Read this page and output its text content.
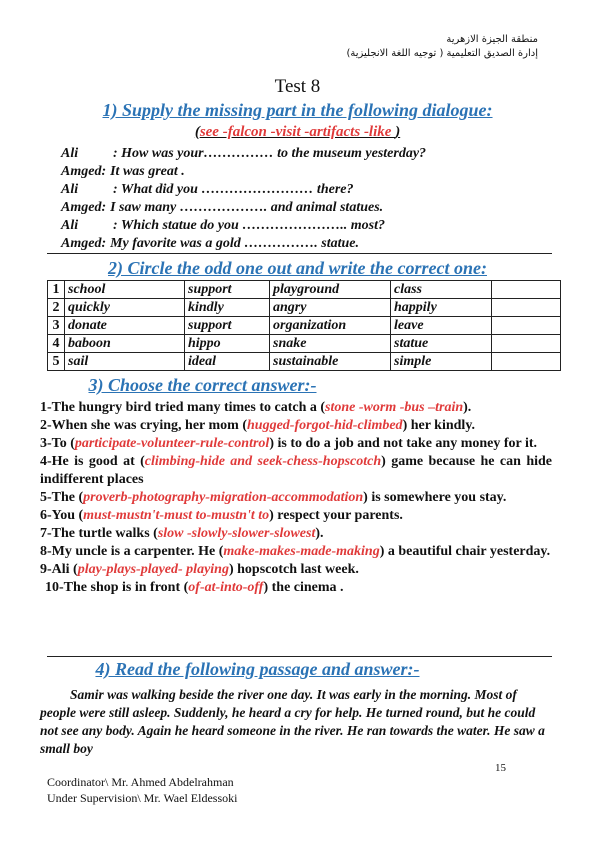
منطقة الجيزة الازهرية
إدارة الصديق التعليمية ( توجيه اللغة الانجليزية)
Test 8
1) Supply the missing part in the following dialogue:
(see -falcon -visit -artifacts -like )
Ali : How was your…………… to the museum yesterday?
Amged: It was great .
Ali : What did you …………………… there?
Amged: I saw many ………………. and animal statues.
Ali : Which statue do you ………………….. most?
Amged: My favorite was a gold ……………. statue.
2) Circle the odd one out and write the correct one:
1	school	support	playground	class	
2	quickly	kindly	angry	happily	
3	donate	support	organization	leave	
4	baboon	hippo	snake	statue	
5	sail	ideal	sustainable	simple	
3) Choose the correct answer:-
1-The hungry bird tried many times to catch a (stone -worm -bus –train).
2-When she was crying, her mom (hugged-forgot-hid-climbed) her kindly.
3-To (participate-volunteer-rule-control) is to do a job and not take any money for it.
4-He is good at (climbing-hide and seek-chess-hopscotch) game because he can hide indifferent places
5-The (proverb-photography-migration-accommodation) is somewhere you stay.
6-You (must-mustn't-must to-mustn't to) respect your parents.
7-The turtle walks (slow -slowly-slower-slowest).
8-My uncle is a carpenter. He (make-makes-made-making) a beautiful chair yesterday.
9-Ali (play-plays-played- playing) hopscotch last week.
10-The shop is in front (of-at-into-off) the cinema .
4) Read the following passage and answer:-
Samir was walking beside the river one day. It was early in the morning. Most of people were still asleep. Suddenly, he heard a cry for help. He turned round, but he could not see any body. Again he heard someone in the river. He ran towards the water. He saw a small boy
15
Coordinator\ Mr. Ahmed Abdelrahman
Under Supervision\ Mr. Wael Eldessoki
